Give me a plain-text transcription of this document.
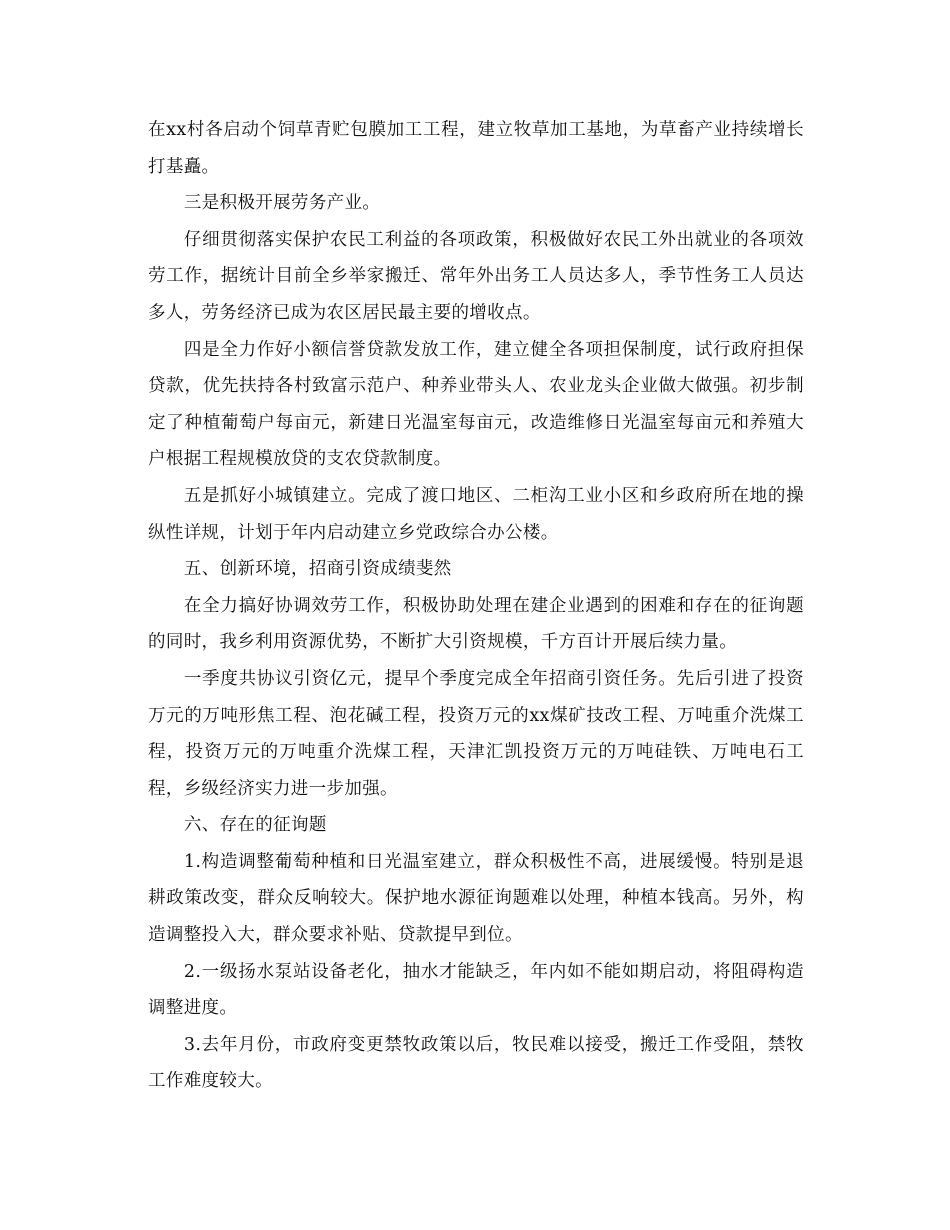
在xx村各启动个饲草青贮包膜加工工程，建立牧草加工基地，为草畜产业持续增长打基矗。

三是积极开展劳务产业。

仔细贯彻落实保护农民工利益的各项政策，积极做好农民工外出就业的各项效劳工作，据统计目前全乡举家搬迁、常年外出务工人员达多人，季节性务工人员达多人，劳务经济已成为农区居民最主要的增收点。

四是全力作好小额信誉贷款发放工作，建立健全各项担保制度，试行政府担保贷款，优先扶持各村致富示范户、种养业带头人、农业龙头企业做大做强。初步制定了种植葡萄户每亩元，新建日光温室每亩元，改造维修日光温室每亩元和养殖大户根据工程规模放贷的支农贷款制度。

五是抓好小城镇建立。完成了渡口地区、二柜沟工业小区和乡政府所在地的操纵性详规，计划于年内启动建立乡党政综合办公楼。

五、创新环境，招商引资成绩斐然

在全力搞好协调效劳工作，积极协助处理在建企业遇到的困难和存在的征询题的同时，我乡利用资源优势，不断扩大引资规模，千方百计开展后续力量。

一季度共协议引资亿元，提早个季度完成全年招商引资任务。先后引进了投资万元的万吨形焦工程、泡花碱工程，投资万元的xx煤矿技改工程、万吨重介洗煤工程，投资万元的万吨重介洗煤工程，天津汇凯投资万元的万吨硅铁、万吨电石工程，乡级经济实力进一步加强。

六、存在的征询题

1.构造调整葡萄种植和日光温室建立，群众积极性不高，进展缓慢。特别是退耕政策改变，群众反响较大。保护地水源征询题难以处理，种植本钱高。另外，构造调整投入大，群众要求补贴、贷款提早到位。

2.一级扬水泵站设备老化，抽水才能缺乏，年内如不能如期启动，将阻碍构造调整进度。

3.去年月份，市政府变更禁牧政策以后，牧民难以接受，搬迁工作受阻，禁牧工作难度较大。
